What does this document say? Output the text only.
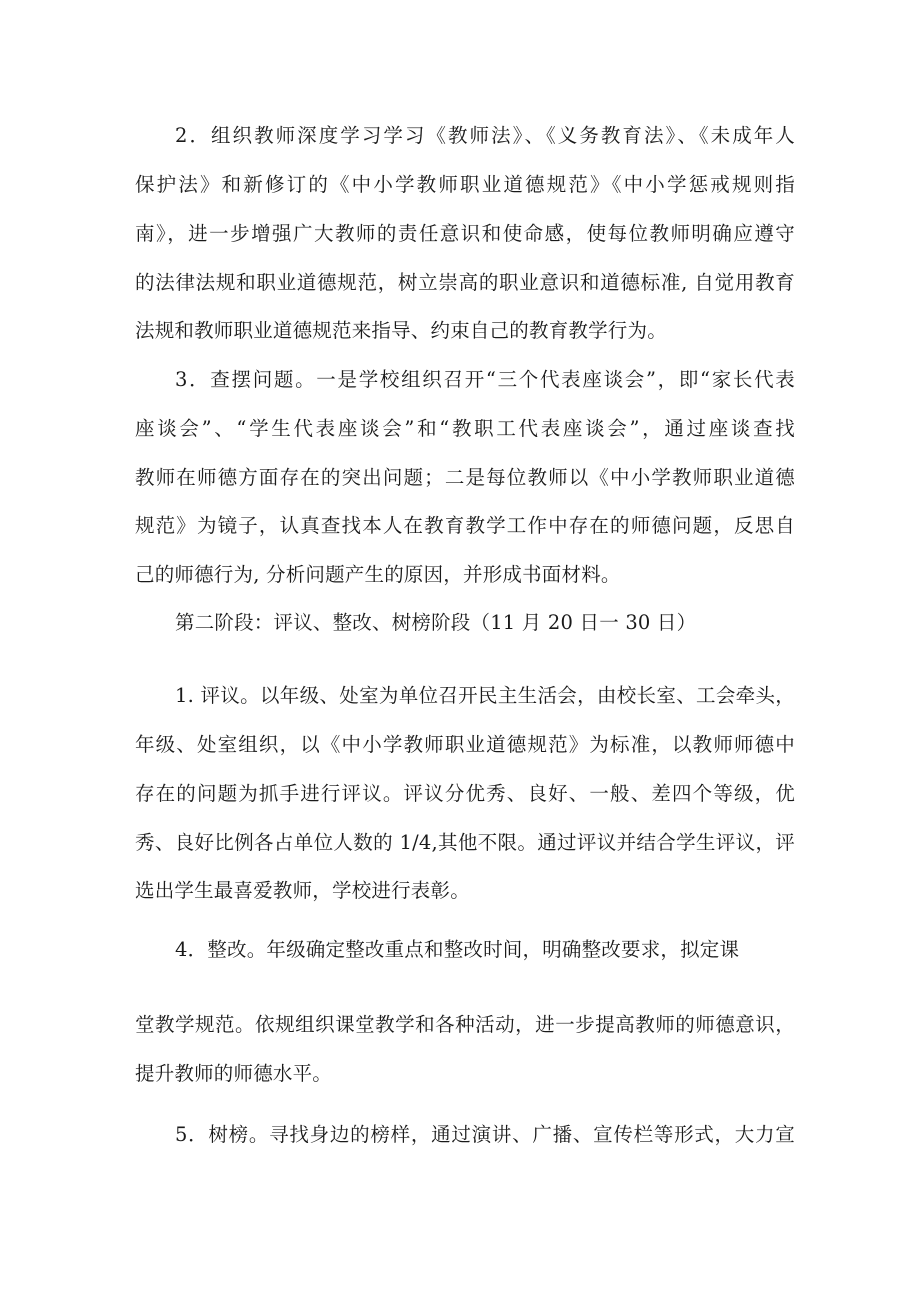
2．组织教师深度学习学习《教师法》、《义务教育法》、《未成年人
保护法》和新修订的《中小学教师职业道德规范》《中小学惩戒规则指
南》，进一步增强广大教师的责任意识和使命感，使每位教师明确应遵守
的法律法规和职业道德规范，树立崇高的职业意识和道德标准, 自觉用教育
法规和教师职业道德规范来指导、约束自己的教育教学行为。
3．查摆问题。一是学校组织召开“三个代表座谈会”，即“家长代表
座谈会”、“学生代表座谈会”和“教职工代表座谈会”，通过座谈查找
教师在师德方面存在的突出问题；二是每位教师以《中小学教师职业道德
规范》为镜子，认真查找本人在教育教学工作中存在的师德问题，反思自
己的师德行为, 分析问题产生的原因，并形成书面材料。
第二阶段：评议、整改、树榜阶段（11 月 20 日一 30 日）
1. 评议。以年级、处室为单位召开民主生活会，由校长室、工会牵头，
年级、处室组织，以《中小学教师职业道德规范》为标准，以教师师德中
存在的问题为抓手进行评议。评议分优秀、良好、一般、差四个等级，优
秀、良好比例各占单位人数的 1/4,其他不限。通过评议并结合学生评议，评
选出学生最喜爱教师，学校进行表彰。
4．整改。年级确定整改重点和整改时间，明确整改要求，拟定课
堂教学规范。依规组织课堂教学和各种活动，进一步提高教师的师德意识，
提升教师的师德水平。
5．树榜。寻找身边的榜样，通过演讲、广播、宣传栏等形式，大力宣
